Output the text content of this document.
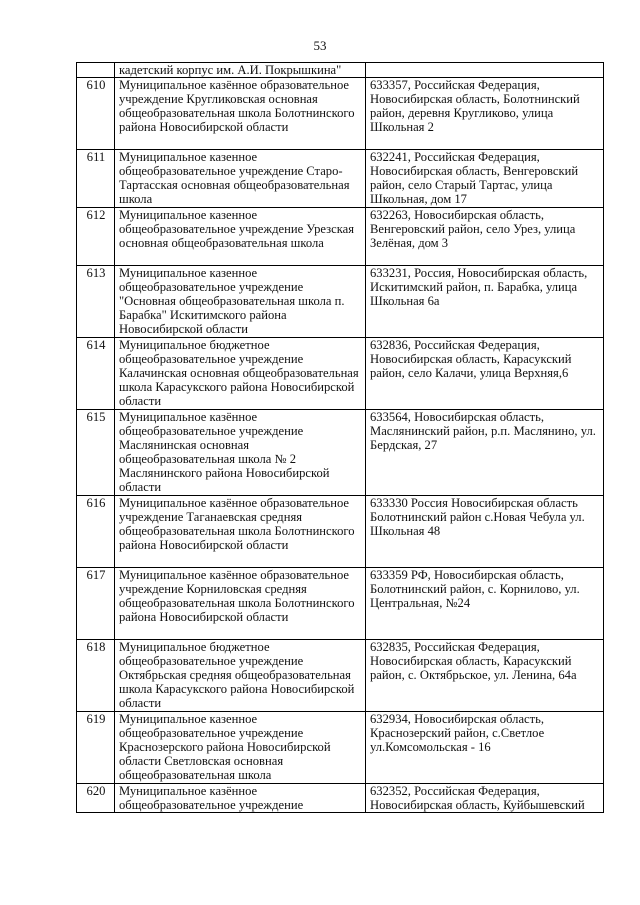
53
	кадетский корпус им. А.И. Покрышкина"	
610	Муниципальное казённое образовательное учреждение Кругликовская основная общеобразовательная школа Болотнинского района Новосибирской области	633357, Российская Федерация, Новосибирская область, Болотнинский район, деревня Кругликово, улица Школьная 2
611	Муниципальное казенное общеобразовательное учреждение Старо-Тартасская основная общеобразовательная школа	632241, Российская Федерация, Новосибирская область, Венгеровский район, село Старый Тартас, улица Школьная, дом 17
612	Муниципальное казенное общеобразовательное учреждение Урезская основная общеобразовательная школа	632263, Новосибирская область, Венгеровский район, село Урез, улица Зелёная, дом 3
613	Муниципальное казенное общеобразовательное учреждение "Основная общеобразовательная школа п. Барабка" Искитимского района Новосибирской области	633231, Россия, Новосибирская область, Искитимский район, п. Барабка, улица Школьная 6а
614	Муниципальное бюджетное общеобразовательное учреждение Калачинская основная общеобразовательная школа Карасукского района Новосибирской области	632836, Российская Федерация, Новосибирская область, Карасукский район, село Калачи, улица Верхняя,6
615	Муниципальное казённое общеобразовательное учреждение Маслянинская основная общеобразовательная школа № 2 Маслянинского района Новосибирской области	633564, Новосибирская область, Маслянинский район, р.п. Маслянино, ул. Бердская, 27
616	Муниципальное казённое образовательное учреждение Таганаевская средняя общеобразовательная школа Болотнинского района Новосибирской области	633330 Россия Новосибирская область Болотнинский район с.Новая Чебула ул. Школьная 48
617	Муниципальное казённое образовательное учреждение Корниловская средняя общеобразовательная школа Болотнинского района Новосибирской области	633359 РФ, Новосибирская область, Болотнинский район, с. Корнилово, ул. Центральная, №24
618	Муниципальное бюджетное общеобразовательное учреждение Октябрьская средняя общеобразовательная школа Карасукского района Новосибирской области	632835, Российская Федерация, Новосибирская область, Карасукский район, с. Октябрьское, ул. Ленина, 64а
619	Муниципальное казенное общеобразовательное учреждение Краснозерского района Новосибирской области Светловская основная общеобразовательная школа	632934, Новосибирская область, Краснозерский район, с.Светлое ул.Комсомольская - 16
620	Муниципальное казённое общеобразовательное учреждение	632352, Российская Федерация, Новосибирская область, Куйбышевский
